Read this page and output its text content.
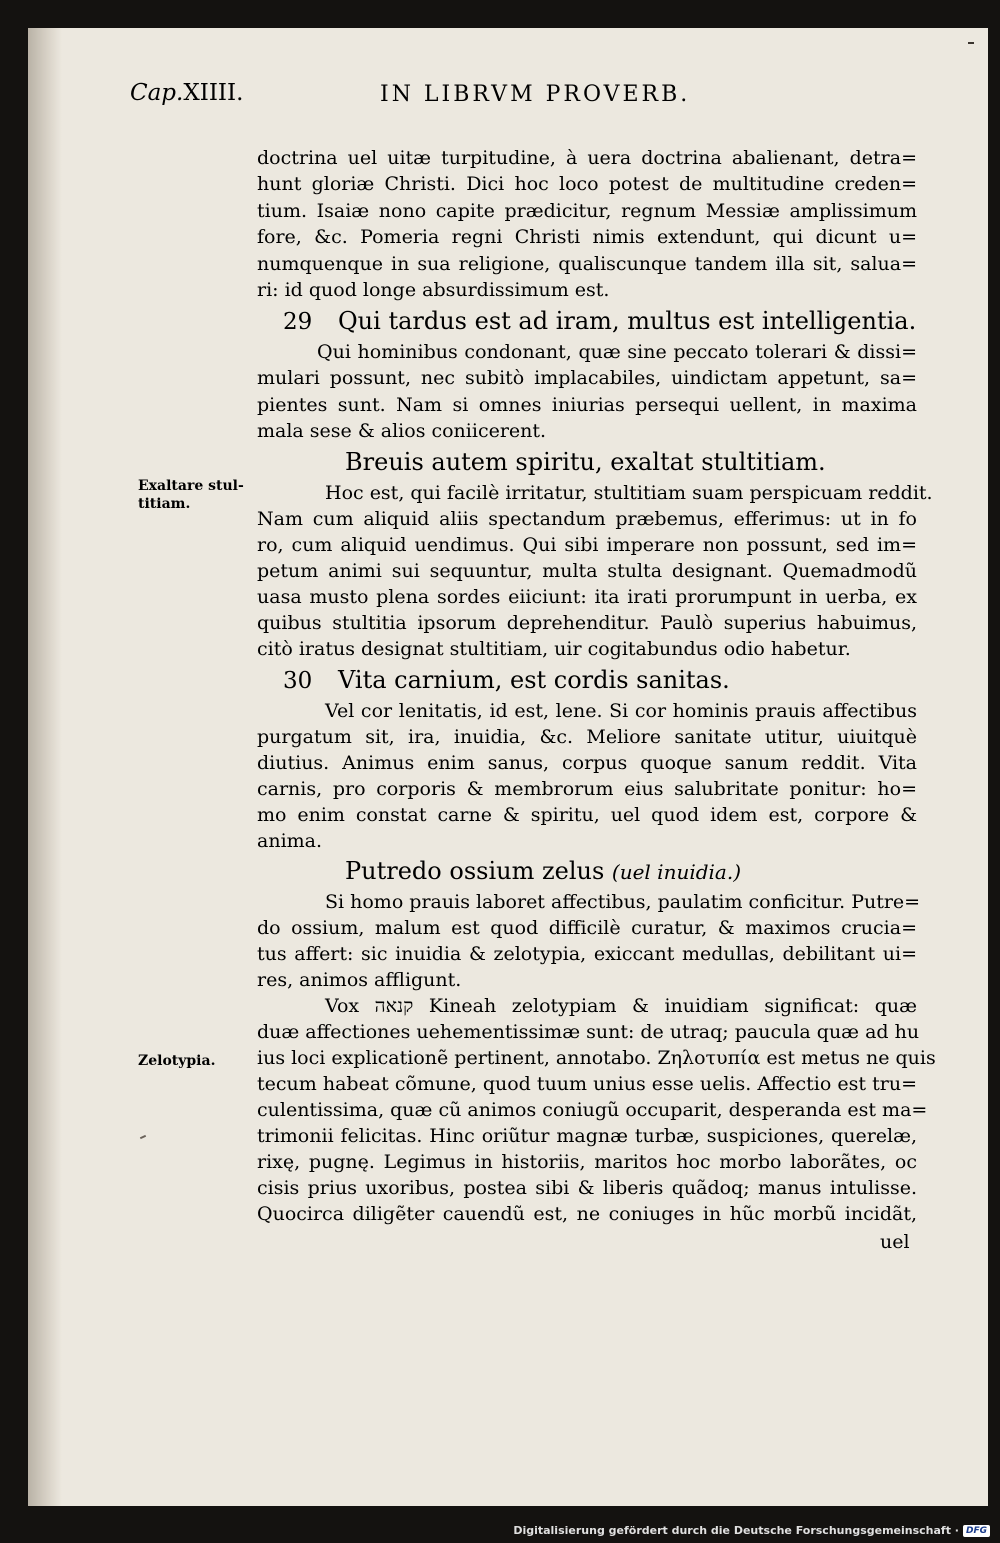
Cap.XIIII.	IN LIBRVM PROVERB.
doctrina uel uitæ turpitudine, à uera doctrina abalienant, detra=
hunt gloriæ Christi. Dici hoc loco potest de multitudine creden=
tium. Isaiæ nono capite prædicitur, regnum Messiæ amplissimum
fore, &c. Pomeria regni Christi nimis extendunt, qui dicunt u=
numquenque in sua religione, qualiscunque tandem illa sit, salua=
ri: id quod longe absurdissimum est.
29 Qui tardus est ad iram, multus est intelligentia.
Qui hominibus condonant, quæ sine peccato tolerari & dissi=
mulari possunt, nec subitò implacabiles, uindictam appetunt, sa=
pientes sunt. Nam si omnes iniurias persequi uellent, in maxima
mala sese & alios coniicerent.
Breuis autem spiritu, exaltat stultitiam.
Hoc est, qui facilè irritatur, stultitiam suam perspicuam reddit.
Nam cum aliquid aliis spectandum præbemus, efferimus: ut in fo
ro, cum aliquid uendimus. Qui sibi imperare non possunt, sed im=
petum animi sui sequuntur, multa stulta designant. Quemadmodũ
uasa musto plena sordes eiiciunt: ita irati prorumpunt in uerba, ex
quibus stultitia ipsorum deprehenditur. Paulò superius habuimus,
citò iratus designat stultitiam, uir cogitabundus odio habetur.
30 Vita carnium, est cordis sanitas.
Vel cor lenitatis, id est, lene. Si cor hominis prauis affectibus
purgatum sit, ira, inuidia, &c. Meliore sanitate utitur, uiuitquè
diutius. Animus enim sanus, corpus quoque sanum reddit. Vita
carnis, pro corporis & membrorum eius salubritate ponitur: ho=
mo enim constat carne & spiritu, uel quod idem est, corpore &
anima.
Putredo ossium zelus (uel inuidia.)
Si homo prauis laboret affectibus, paulatim conficitur. Putre=
do ossium, malum est quod difficilè curatur, & maximos crucia=
tus affert: sic inuidia & zelotypia, exiccant medullas, debilitant ui=
res, animos affligunt.
Vox קנאה Kineah zelotypiam & inuidiam significat: quæ
duæ affectiones uehementissimæ sunt: de utraq; paucula quæ ad hu
ius loci explicationẽ pertinent, annotabo. Ζηλοτυπία est metus ne quis
tecum habeat cõmune, quod tuum unius esse uelis. Affectio est tru=
culentissima, quæ cũ animos coniugũ occuparit, desperanda est ma=
trimonii felicitas. Hinc oriũtur magnæ turbæ, suspiciones, querelæ,
rixę, pugnę. Legimus in historiis, maritos hoc morbo laborãtes, oc
cisis prius uxoribus, postea sibi & liberis quãdoq; manus intulisse.
Quocirca diligẽter cauendũ est, ne coniuges in hũc morbũ incidãt,
uel
Exaltare stul-
titiam.
Zelotypia.
Digitalisierung gefördert durch die Deutsche Forschungsgemeinschaft · DFG
